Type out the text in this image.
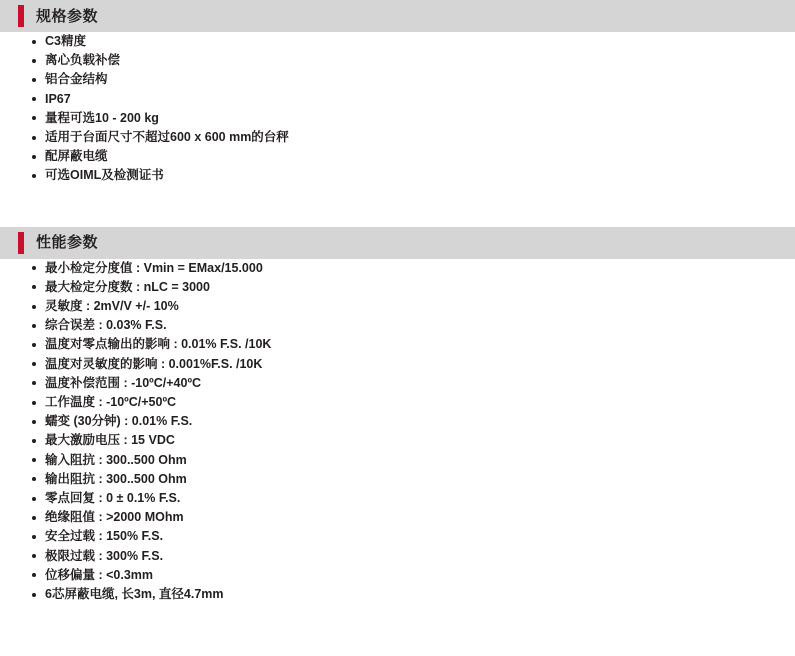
规格参数
C3精度
离心负载补偿
铝合金结构
IP67
量程可选10 - 200 kg
适用于台面尺寸不超过600 x 600 mm的台秤
配屏蔽电缆
可选OIML及检测证书
性能参数
最小检定分度值 : Vmin = EMax/15.000
最大检定分度数 : nLC = 3000
灵敏度 : 2mV/V +/- 10%
综合误差 : 0.03% F.S.
温度对零点输出的影响 : 0.01% F.S. /10K
温度对灵敏度的影响 : 0.001%F.S. /10K
温度补偿范围 : -10ºC/+40ºC
工作温度 : -10ºC/+50ºC
蠕变 (30分钟) : 0.01% F.S.
最大激励电压 : 15 VDC
输入阻抗 : 300..500 Ohm
输出阻抗 : 300..500 Ohm
零点回复 : 0 ± 0.1% F.S.
绝缘阻值 : >2000 MOhm
安全过载 : 150% F.S.
极限过载 : 300% F.S.
位移偏量 : <0.3mm
6芯屏蔽电缆, 长3m, 直径4.7mm
